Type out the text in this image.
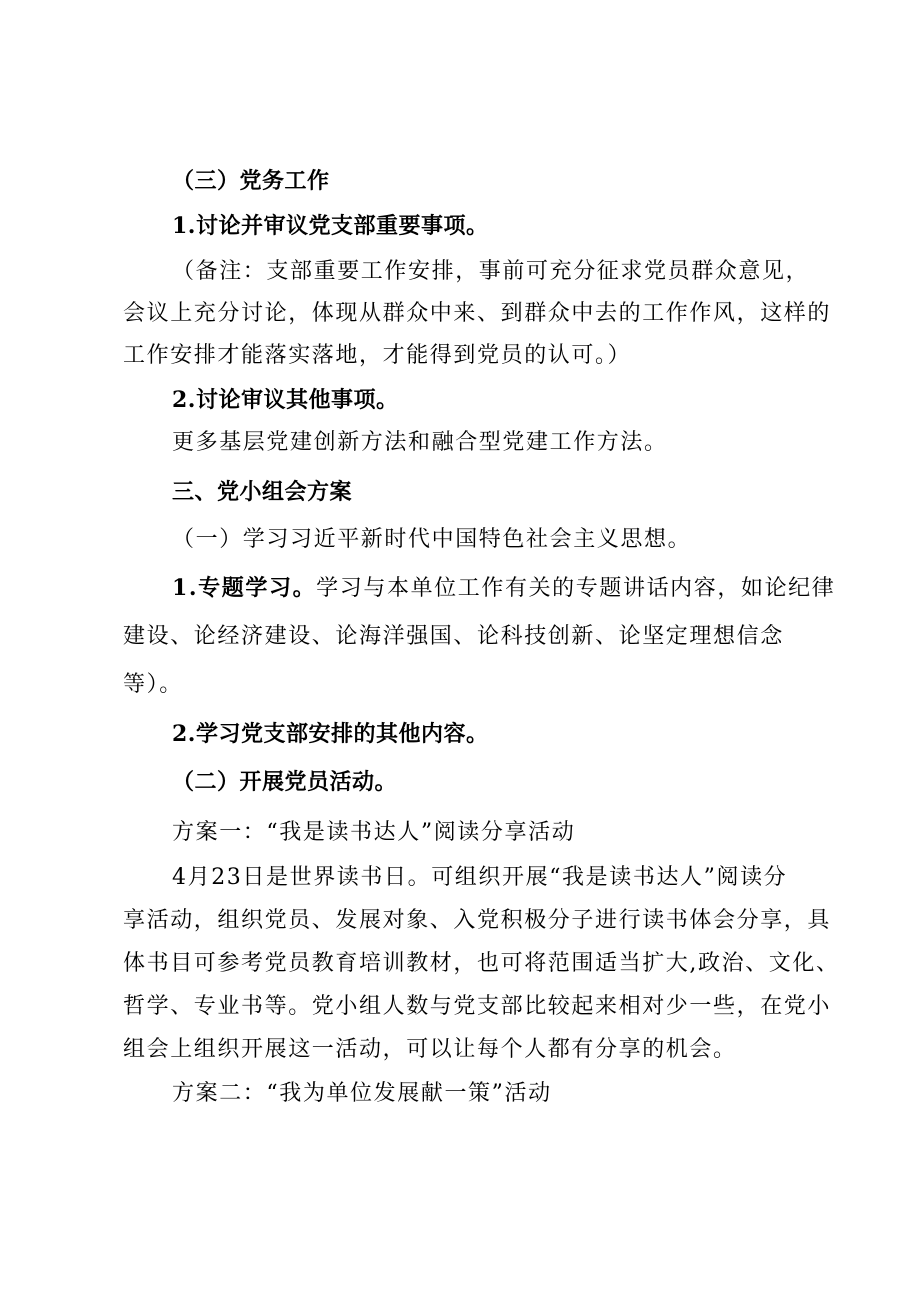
（三）党务工作
1.讨论并审议党支部重要事项。
（备注：支部重要工作安排，事前可充分征求党员群众意见，
会议上充分讨论，体现从群众中来、到群众中去的工作作风，这样的
工作安排才能落实落地，才能得到党员的认可。）
2.讨论审议其他事项。
更多基层党建创新方法和融合型党建工作方法。
三、党小组会方案
（一）学习习近平新时代中国特色社会主义思想。
1.专题学习。学习与本单位工作有关的专题讲话内容，如论纪律
建设、论经济建设、论海洋强国、论科技创新、论坚定理想信念
等）。
2.学习党支部安排的其他内容。
（二）开展党员活动。
方案一：“我是读书达人”阅读分享活动
4月23日是世界读书日。可组织开展“我是读书达人”阅读分
享活动，组织党员、发展对象、入党积极分子进行读书体会分享，具
体书目可参考党员教育培训教材，也可将范围适当扩大,政治、文化、
哲学、专业书等。党小组人数与党支部比较起来相对少一些，在党小
组会上组织开展这一活动，可以让每个人都有分享的机会。
方案二：“我为单位发展献一策”活动
